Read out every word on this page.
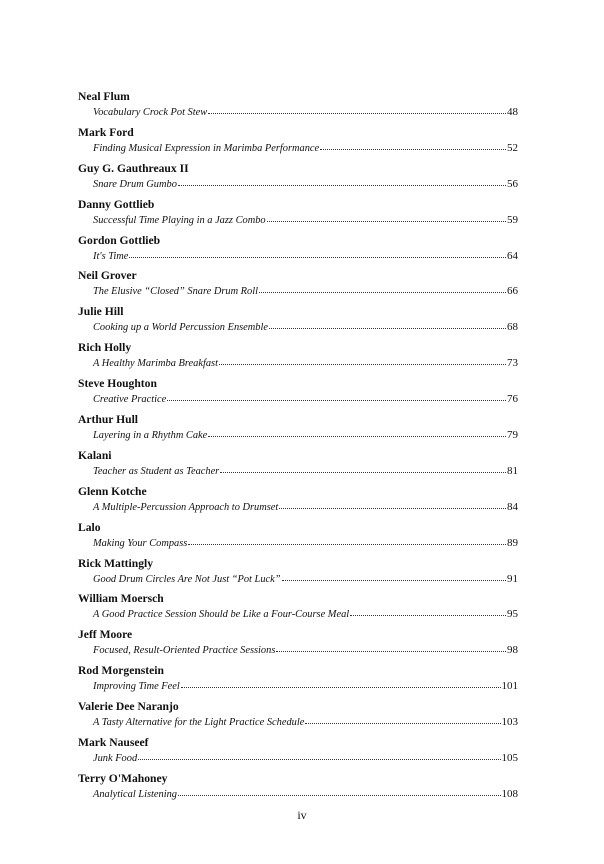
Neal Flum
Vocabulary Crock Pot Stew	48
Mark Ford
Finding Musical Expression in Marimba Performance	52
Guy G. Gauthreaux II
Snare Drum Gumbo	56
Danny Gottlieb
Successful Time Playing in a Jazz Combo	59
Gordon Gottlieb
It's Time	64
Neil Grover
The Elusive “Closed” Snare Drum Roll	66
Julie Hill
Cooking up a World Percussion Ensemble	68
Rich Holly
A Healthy Marimba Breakfast	73
Steve Houghton
Creative Practice	76
Arthur Hull
Layering in a Rhythm Cake	79
Kalani
Teacher as Student as Teacher	81
Glenn Kotche
A Multiple-Percussion Approach to Drumset	84
Lalo
Making Your Compass	89
Rick Mattingly
Good Drum Circles Are Not Just “Pot Luck”	91
William Moersch
A Good Practice Session Should be Like a Four-Course Meal	95
Jeff Moore
Focused, Result-Oriented Practice Sessions	98
Rod Morgenstein
Improving Time Feel	101
Valerie Dee Naranjo
A Tasty Alternative for the Light Practice Schedule	103
Mark Nauseef
Junk Food	105
Terry O'Mahoney
Analytical Listening	108
iv
